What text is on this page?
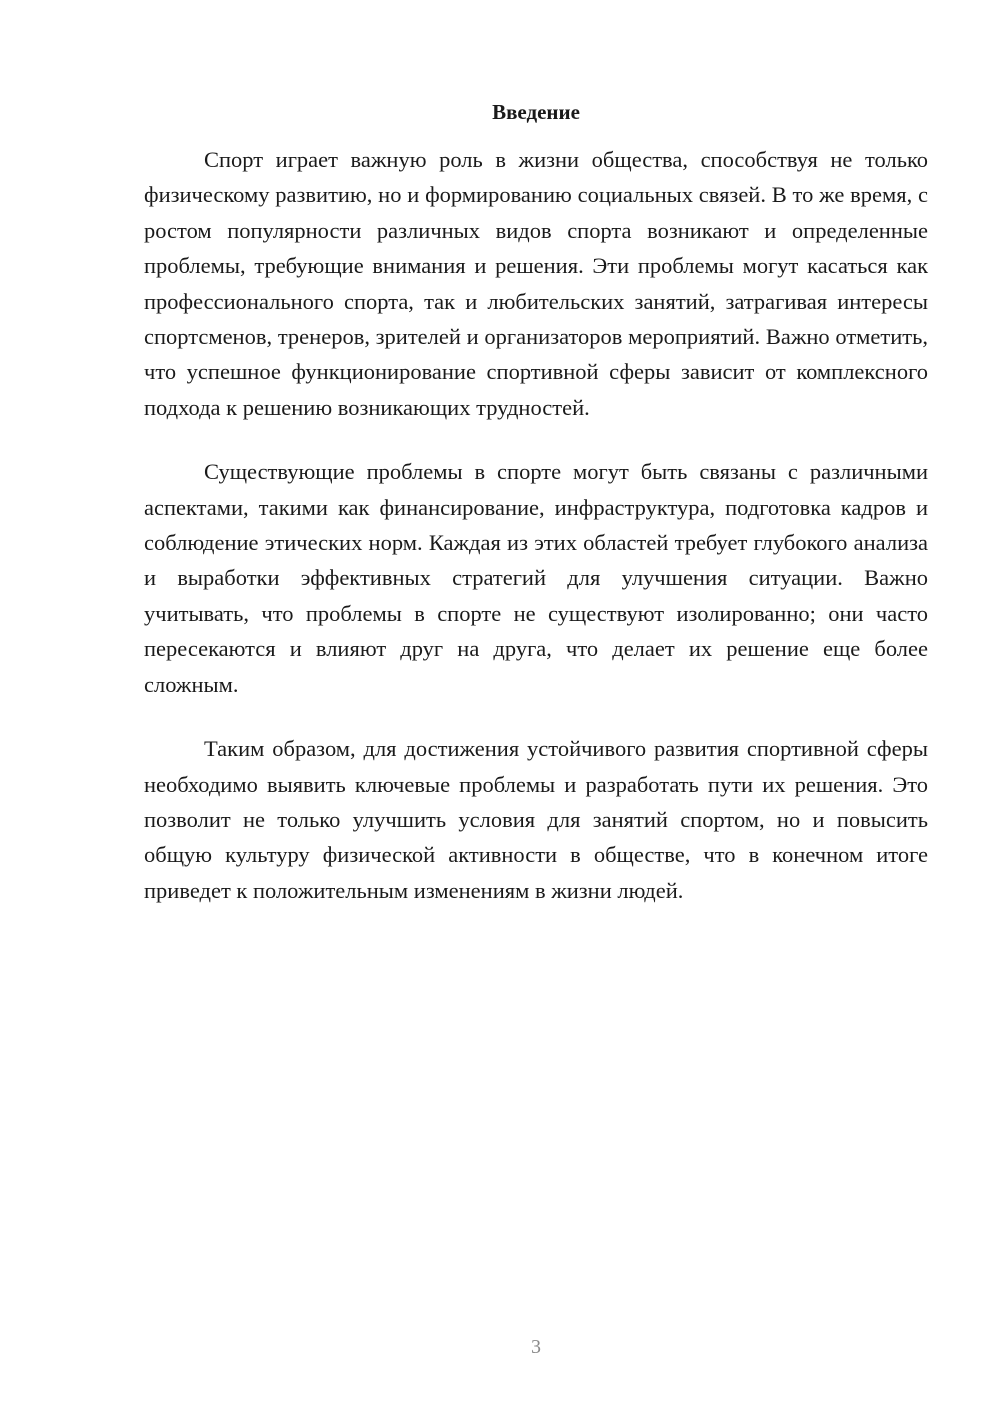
Введение

Спорт играет важную роль в жизни общества, способствуя не только физическому развитию, но и формированию социальных связей. В то же время, с ростом популярности различных видов спорта возникают и определенные проблемы, требующие внимания и решения. Эти проблемы могут касаться как профессионального спорта, так и любительских занятий, затрагивая интересы спортсменов, тренеров, зрителей и организаторов мероприятий. Важно отметить, что успешное функционирование спортивной сферы зависит от комплексного подхода к решению возникающих трудностей.

Существующие проблемы в спорте могут быть связаны с различными аспектами, такими как финансирование, инфраструктура, подготовка кадров и соблюдение этических норм. Каждая из этих областей требует глубокого анализа и выработки эффективных стратегий для улучшения ситуации. Важно учитывать, что проблемы в спорте не существуют изолированно; они часто пересекаются и влияют друг на друга, что делает их решение еще более сложным.

Таким образом, для достижения устойчивого развития спортивной сферы необходимо выявить ключевые проблемы и разработать пути их решения. Это позволит не только улучшить условия для занятий спортом, но и повысить общую культуру физической активности в обществе, что в конечном итоге приведет к положительным изменениям в жизни людей.

3
